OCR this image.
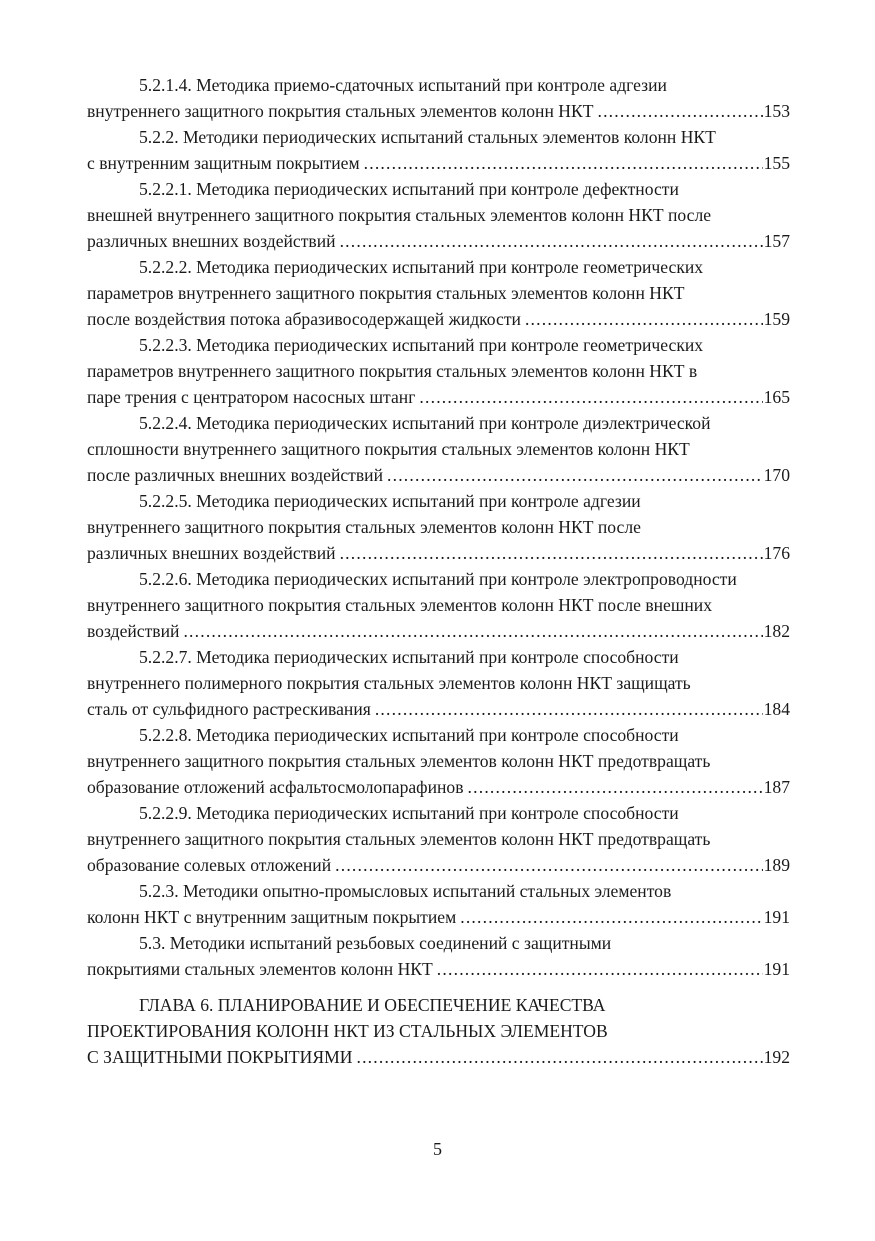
5.2.1.4. Методика приемо-сдаточных испытаний при контроле адгезии
внутреннего защитного покрытия стальных элементов колонн НКТ .....	153
5.2.2. Методики периодических испытаний стальных элементов колонн НКТ
с внутренним защитным покрытием .....	155
5.2.2.1. Методика периодических испытаний при контроле дефектности
внешней внутреннего защитного покрытия стальных элементов колонн НКТ после
различных внешних воздействий .....	157
5.2.2.2. Методика периодических испытаний при контроле геометрических
параметров внутреннего защитного покрытия стальных элементов колонн НКТ
после воздействия потока абразивосодержащей жидкости .....	159
5.2.2.3. Методика периодических испытаний при контроле геометрических
параметров внутреннего защитного покрытия стальных элементов колонн НКТ в
паре трения с центратором насосных штанг .....	165
5.2.2.4. Методика периодических испытаний при контроле диэлектрической
сплошности внутреннего защитного покрытия стальных элементов колонн НКТ
после различных внешних воздействий .....	170
5.2.2.5. Методика периодических испытаний при контроле адгезии
внутреннего защитного покрытия стальных элементов колонн НКТ после
различных внешних воздействий .....	176
5.2.2.6. Методика периодических испытаний при контроле электропроводности
внутреннего защитного покрытия стальных элементов колонн НКТ после внешних
воздействий .....	182
5.2.2.7. Методика периодических испытаний при контроле способности
внутреннего полимерного покрытия стальных элементов колонн НКТ защищать
сталь от сульфидного растрескивания .....	184
5.2.2.8. Методика периодических испытаний при контроле способности
внутреннего защитного покрытия стальных элементов колонн НКТ предотвращать
образование отложений асфальтосмолопарафинов .....	187
5.2.2.9. Методика периодических испытаний при контроле способности
внутреннего защитного покрытия стальных элементов колонн НКТ предотвращать
образование солевых отложений .....	189
5.2.3. Методики опытно-промысловых испытаний стальных элементов
колонн НКТ с внутренним защитным покрытием .....	191
5.3. Методики испытаний резьбовых соединений с защитными
покрытиями стальных элементов колонн НКТ .....	191
ГЛАВА 6. ПЛАНИРОВАНИЕ И ОБЕСПЕЧЕНИЕ КАЧЕСТВА
ПРОЕКТИРОВАНИЯ КОЛОНН НКТ ИЗ СТАЛЬНЫХ ЭЛЕМЕНТОВ
С ЗАЩИТНЫМИ ПОКРЫТИЯМИ .....	192
5
